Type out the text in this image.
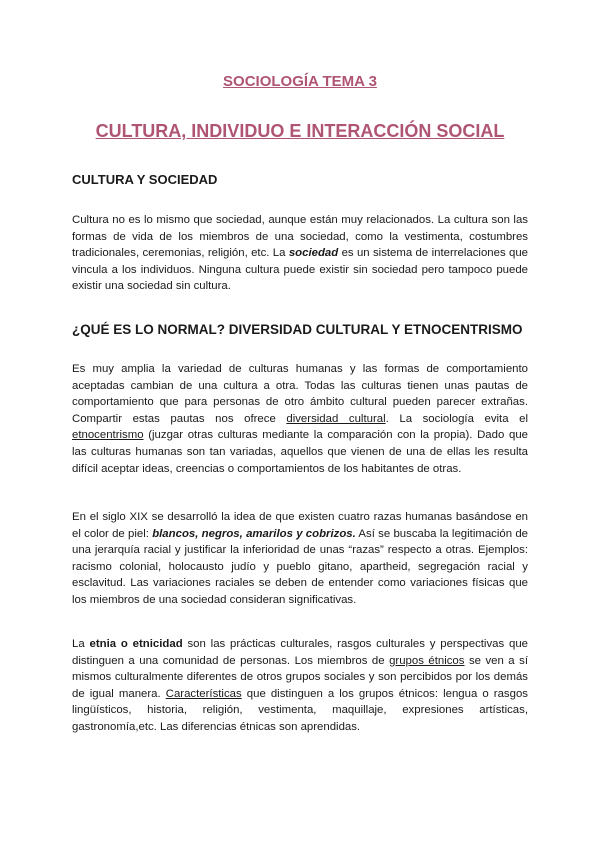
SOCIOLOGÍA TEMA 3
CULTURA, INDIVIDUO E INTERACCIÓN SOCIAL
CULTURA Y SOCIEDAD
Cultura no es lo mismo que sociedad, aunque están muy relacionados. La cultura son las formas de vida de los miembros de una sociedad, como la vestimenta, costumbres tradicionales, ceremonias, religión, etc. La sociedad es un sistema de interrelaciones que vincula a los individuos. Ninguna cultura puede existir sin sociedad pero tampoco puede existir una sociedad sin cultura.
¿QUÉ ES LO NORMAL? DIVERSIDAD CULTURAL Y ETNOCENTRISMO
Es muy amplia la variedad de culturas humanas y las formas de comportamiento aceptadas cambian de una cultura a otra. Todas las culturas tienen unas pautas de comportamiento que para personas de otro ámbito cultural pueden parecer extrañas. Compartir estas pautas nos ofrece diversidad cultural. La sociología evita el etnocentrismo (juzgar otras culturas mediante la comparación con la propia). Dado que las culturas humanas son tan variadas, aquellos que vienen de una de ellas les resulta difícil aceptar ideas, creencias o comportamientos de los habitantes de otras.
En el siglo XIX se desarrolló la idea de que existen cuatro razas humanas basándose en el color de piel: blancos, negros, amarilos y cobrizos. Así se buscaba la legitimación de una jerarquía racial y justificar la inferioridad de unas “razas” respecto a otras. Ejemplos: racismo colonial, holocausto judío y pueblo gitano, apartheid, segregación racial y esclavitud. Las variaciones raciales se deben de entender como variaciones físicas que los miembros de una sociedad consideran significativas.
La etnia o etnicidad son las prácticas culturales, rasgos culturales y perspectivas que distinguen a una comunidad de personas. Los miembros de grupos étnicos se ven a sí mismos culturalmente diferentes de otros grupos sociales y son percibidos por los demás de igual manera. Características que distinguen a los grupos étnicos: lengua o rasgos lingüísticos, historia, religión, vestimenta, maquillaje, expresiones artísticas, gastronomía,etc. Las diferencias étnicas son aprendidas.
